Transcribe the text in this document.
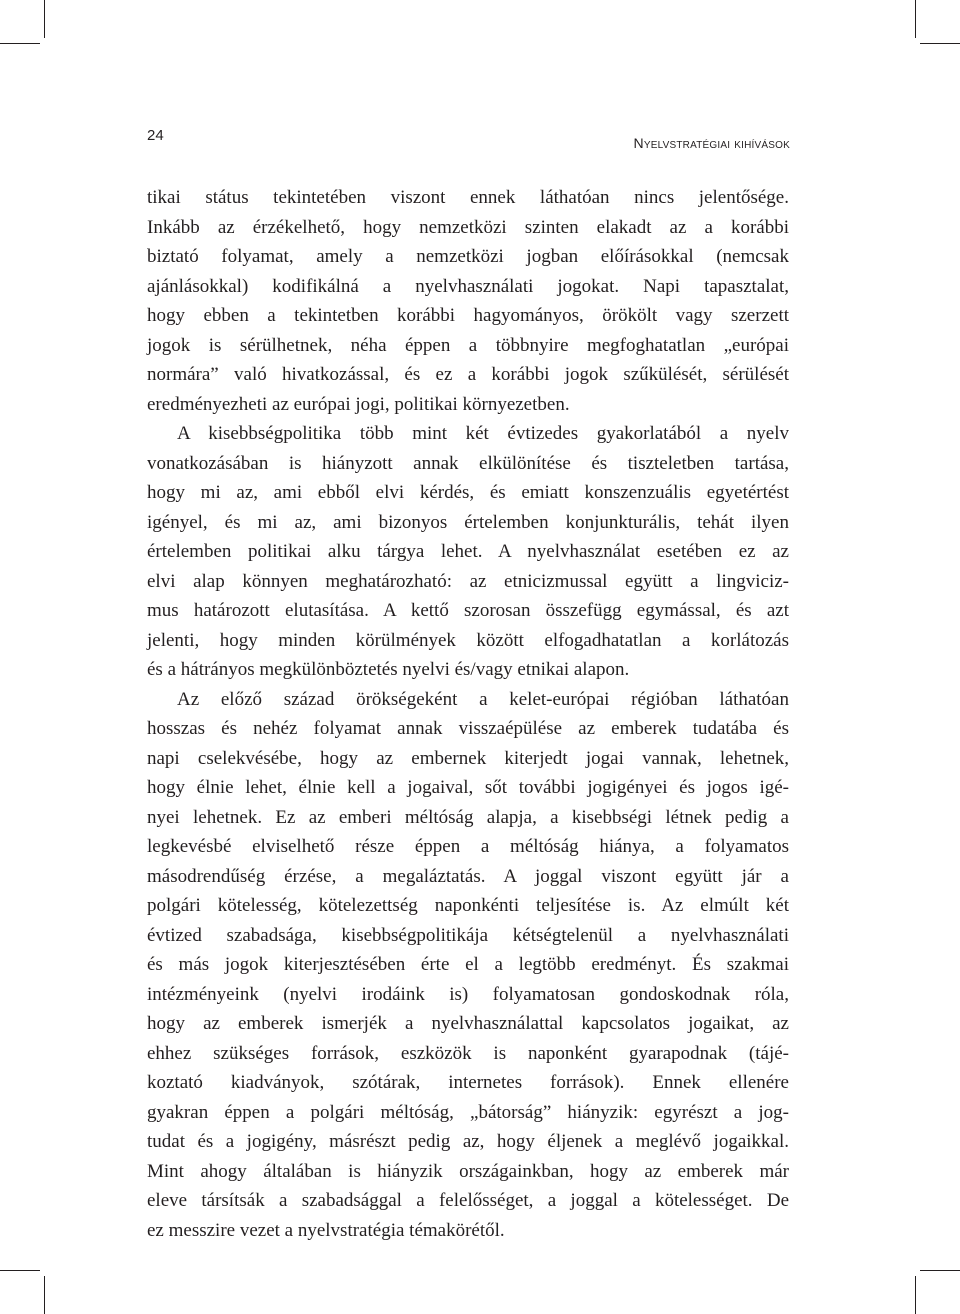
24	Nyelvstratégiai kihívások

tikai státus tekintetében viszont ennek láthatóan nincs jelentősége.
Inkább az érzékelhető, hogy nemzetközi szinten elakadt az a korábbi
biztató folyamat, amely a nemzetközi jogban előírásokkal (nemcsak
ajánlásokkal) kodifikálná a nyelvhasználati jogokat. Napi tapasztalat,
hogy ebben a tekintetben korábbi hagyományos, örökölt vagy szerzett
jogok is sérülhetnek, néha éppen a többnyire megfoghatatlan „európai
normára” való hivatkozással, és ez a korábbi jogok szűkülését, sérülését
eredményezheti az európai jogi, politikai környezetben.

A kisebbségpolitika több mint két évtizedes gyakorlatából a nyelv
vonatkozásában is hiányzott annak elkülönítése és tiszteletben tartása,
hogy mi az, ami ebből elvi kérdés, és emiatt konszenzuális egyetértést
igényel, és mi az, ami bizonyos értelemben konjunkturális, tehát ilyen
értelemben politikai alku tárgya lehet. A nyelvhasználat esetében ez az
elvi alap könnyen meghatározható: az etnicizmussal együtt a lingviciz-
mus határozott elutasítása. A kettő szorosan összefügg egymással, és azt
jelenti, hogy minden körülmények között elfogadhatatlan a korlátozás
és a hátrányos megkülönböztetés nyelvi és/vagy etnikai alapon.

Az előző század örökségeként a kelet-európai régióban láthatóan
hosszas és nehéz folyamat annak visszaépülése az emberek tudatába és
napi cselekvésébe, hogy az embernek kiterjedt jogai vannak, lehetnek,
hogy élnie lehet, élnie kell a jogaival, sőt további jogigényei és jogos igé-
nyei lehetnek. Ez az emberi méltóság alapja, a kisebbségi létnek pedig a
legkevésbé elviselhető része éppen a méltóság hiánya, a folyamatos
másodrendűség érzése, a megaláztatás. A joggal viszont együtt jár a
polgári kötelesség, kötelezettség naponkénti teljesítése is. Az elmúlt két
évtized szabadsága, kisebbségpolitikája kétségtelenül a nyelvhasználati
és más jogok kiterjesztésében érte el a legtöbb eredményt. És szakmai
intézményeink (nyelvi irodáink is) folyamatosan gondoskodnak róla,
hogy az emberek ismerjék a nyelvhasználattal kapcsolatos jogaikat, az
ehhez szükséges források, eszközök is naponként gyarapodnak (tájé-
koztató kiadványok, szótárak, internetes források). Ennek ellenére
gyakran éppen a polgári méltóság, „bátorság” hiányzik: egyrészt a jog-
tudat és a jogigény, másrészt pedig az, hogy éljenek a meglévő jogaikkal.
Mint ahogy általában is hiányzik országainkban, hogy az emberek már
eleve társítsák a szabadsággal a felelősséget, a joggal a kötelességet. De
ez messzire vezet a nyelvstratégia témakörétől.
